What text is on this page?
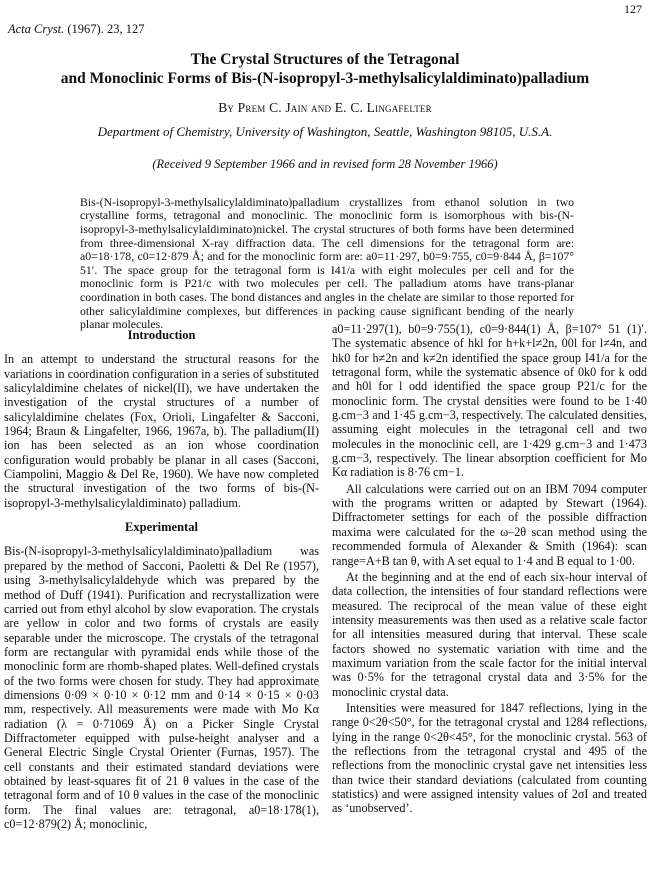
127
Acta Cryst. (1967). 23, 127
The Crystal Structures of the Tetragonal
and Monoclinic Forms of Bis-(N-isopropyl-3-methylsalicylaldiminato)palladium
By Prem C. Jain and E. C. Lingafelter
Department of Chemistry, University of Washington, Seattle, Washington 98105, U.S.A.
(Received 9 September 1966 and in revised form 28 November 1966)

Bis-(N-isopropyl-3-methylsalicylaldiminato)palladium crystallizes from ethanol solution in two crystalline forms, tetragonal and monoclinic. The monoclinic form is isomorphous with bis-(N-isopropyl-3-methylsalicylaldiminato)nickel. The crystal structures of both forms have been determined from three-dimensional X-ray diffraction data. The cell dimensions for the tetragonal form are: a0=18·178, c0=12·879 Å; and for the monoclinic form are: a0=11·297, b0=9·755, c0=9·844 Å, β=107° 51′. The space group for the tetragonal form is I41/a with eight molecules per cell and for the monoclinic form is P21/c with two molecules per cell. The palladium atoms have trans-planar coordination in both cases. The bond distances and angles in the chelate are similar to those reported for other salicylaldimine complexes, but differences in packing cause significant bending of the nearly planar molecules.

Introduction

In an attempt to understand the structural reasons for the variations in coordination configuration in a series of substituted salicylaldimine chelates of nickel(II), we have undertaken the investigation of the crystal structures of a number of salicylaldimine chelates (Fox, Orioli, Lingafelter & Sacconi, 1964; Braun & Lingafelter, 1966, 1967a, b). The palladium(II) ion has been selected as an ion whose coordination configuration would probably be planar in all cases (Sacconi, Ciampolini, Maggio & Del Re, 1960). We have now completed the structural investigation of the two forms of bis-(N-isopropyl-3-methylsalicylaldiminato) palladium.

Experimental

Bis-(N-isopropyl-3-methylsalicylaldiminato)palladium was prepared by the method of Sacconi, Paoletti & Del Re (1957), using 3-methylsalicylaldehyde which was prepared by the method of Duff (1941). Purification and recrystallization were carried out from ethyl alcohol by slow evaporation. The crystals are yellow in color and two forms of crystals are easily separable under the microscope. The crystals of the tetragonal form are rectangular with pyramidal ends while those of the monoclinic form are rhomb-shaped plates. Well-defined crystals of the two forms were chosen for study. They had approximate dimensions 0·09 × 0·10 × 0·12 mm and 0·14 × 0·15 × 0·03 mm, respectively. All measurements were made with Mo Kα radiation (λ = 0·71069 Å) on a Picker Single Crystal Diffractometer equipped with pulse-height analyser and a General Electric Single Crystal Orienter (Furnas, 1957). The cell constants and their estimated standard deviations were obtained by least-squares fit of 21 θ values in the case of the tetragonal form and of 10 θ values in the case of the monoclinic form. The final values are: tetragonal, a0=18·178(1), c0=12·879(2) Å; monoclinic,

a0=11·297(1), b0=9·755(1), c0=9·844(1) Å, β=107° 51 (1)′. The systematic absence of hkl for h+k+l≠2n, 00l for l≠4n, and hk0 for h≠2n and k≠2n identified the space group I41/a for the tetragonal form, while the systematic absence of 0k0 for k odd and h0l for l odd identified the space group P21/c for the monoclinic form. The crystal densities were found to be 1·40 g.cm−3 and 1·45 g.cm−3, respectively. The calculated densities, assuming eight molecules in the tetragonal cell and two molecules in the monoclinic cell, are 1·429 g.cm−3 and 1·473 g.cm−3, respectively. The linear absorption coefficient for Mo Kα radiation is 8·76 cm−1.

All calculations were carried out on an IBM 7094 computer with the programs written or adapted by Stewart (1964). Diffractometer settings for each of the possible diffraction maxima were calculated for the ω–2θ scan method using the recommended formula of Alexander & Smith (1964): scan range=A+B tan θ, with A set equal to 1·4 and B equal to 1·00.

At the beginning and at the end of each six-hour interval of data collection, the intensities of four standard reflections were measured. The reciprocal of the mean value of these eight intensity measurements was then used as a relative scale factor for all intensities measured during that interval. These scale factors showed no systematic variation with time and the maximum variation from the scale factor for the initial interval was 0·5% for the tetragonal crystal data and 3·5% for the monoclinic crystal data.

Intensities were measured for 1847 reflections, lying in the range 0<2θ<50°, for the tetragonal crystal and 1284 reflections, lying in the range 0<2θ<45°, for the monoclinic crystal. 563 of the reflections from the tetragonal crystal and 495 of the reflections from the monoclinic crystal gave net intensities less than twice their standard deviations (calculated from counting statistics) and were assigned intensity values of 2σI and treated as ‘unobserved’.
